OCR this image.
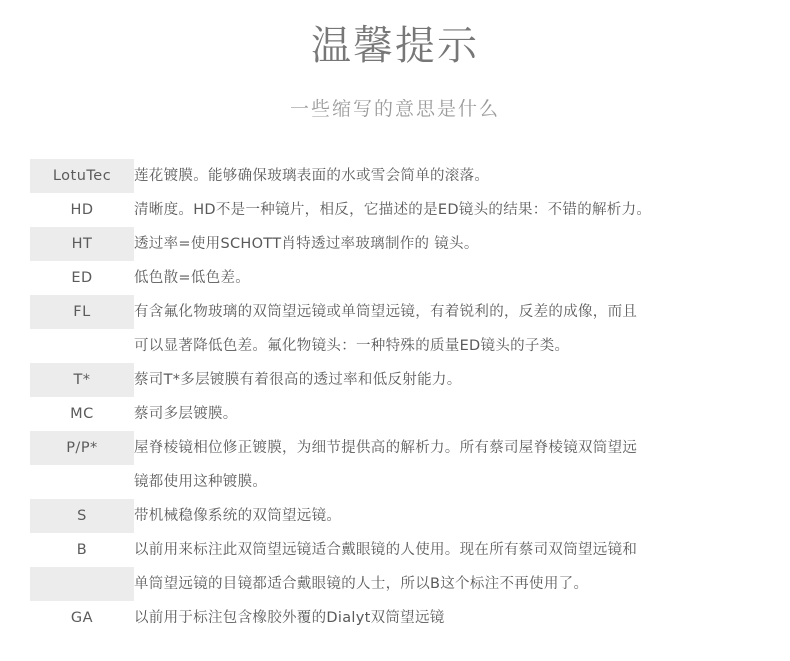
温馨提示

一些缩写的意思是什么

LotuTec	莲花镀膜。能够确保玻璃表面的水或雪会简单的滚落。
HD	清晰度。HD不是一种镜片，相反，它描述的是ED镜头的结果：不错的解析力。
HT	透过率=使用SCHOTT肖特透过率玻璃制作的 镜头。
ED	低色散=低色差。
FL	有含氟化物玻璃的双筒望远镜或单筒望远镜，有着锐利的，反差的成像，而且
	可以显著降低色差。氟化物镜头：一种特殊的质量ED镜头的子类。
T*	蔡司T*多层镀膜有着很高的透过率和低反射能力。
MC	蔡司多层镀膜。
P/P*	屋脊棱镜相位修正镀膜，为细节提供高的解析力。所有蔡司屋脊棱镜双筒望远
	镜都使用这种镀膜。
S	带机械稳像系统的双筒望远镜。
B	以前用来标注此双筒望远镜适合戴眼镜的人使用。现在所有蔡司双筒望远镜和
	单筒望远镜的目镜都适合戴眼镜的人士，所以B这个标注不再使用了。
GA	以前用于标注包含橡胶外覆的Dialyt双筒望远镜
